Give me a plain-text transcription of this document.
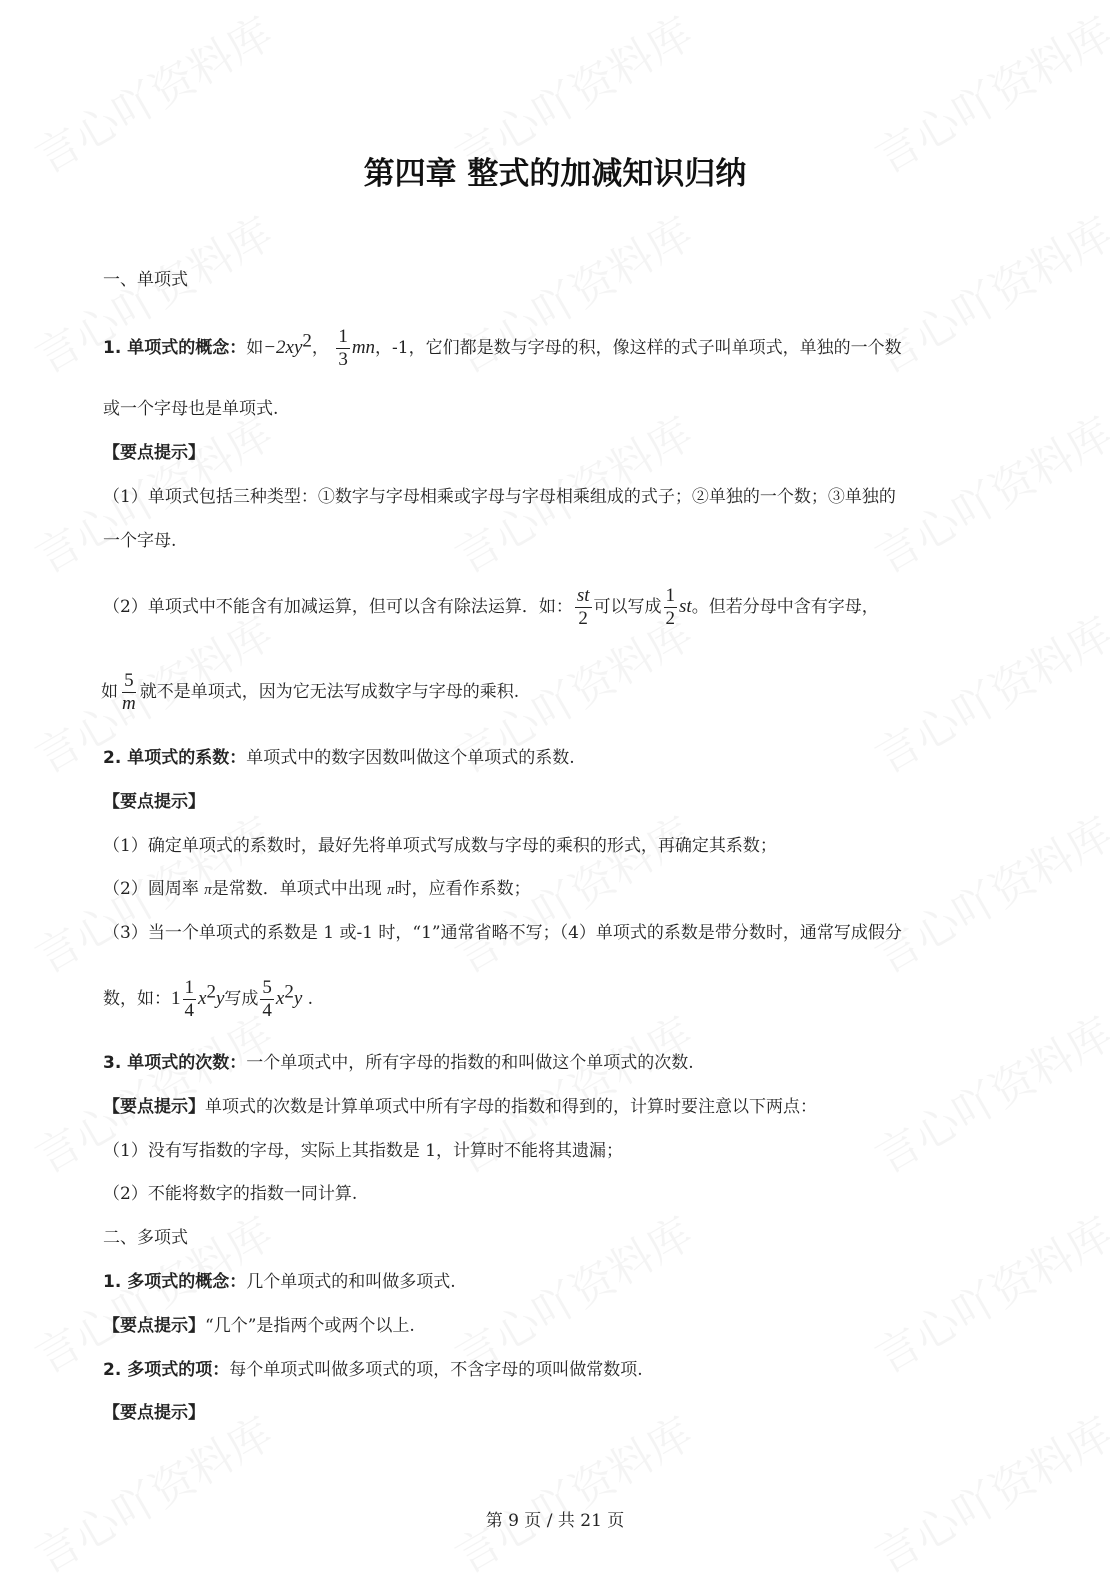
第四章 整式的加减知识归纳
一、单项式
1. 单项式的概念：如$-2xy^2$， $\frac{1}{3}$ mn，-1，它们都是数与字母的积，像这样的式子叫单项式，单独的一个数
或一个字母也是单项式.
【要点提示】
（1）单项式包括三种类型：①数字与字母相乘或字母与字母相乘组成的式子；②单独的一个数；③单独的
一个字母.
（2）单项式中不能含有加减运算，但可以含有除法运算．如： $\frac{st}{2}$ 可以写成 $\frac{1}{2}$ st。但若分母中含有字母，
如 $\frac{5}{m}$ 就不是单项式，因为它无法写成数字与字母的乘积.
2. 单项式的系数：单项式中的数字因数叫做这个单项式的系数.
【要点提示】
（1）确定单项式的系数时，最好先将单项式写成数与字母的乘积的形式，再确定其系数；
（2）圆周率 π是常数．单项式中出现 π时，应看作系数；
（3）当一个单项式的系数是 1 或-1 时，“1”通常省略不写；（4）单项式的系数是带分数时，通常写成假分
数，如：$1 \frac{1}{4} x^2y$写成 $\frac{5}{4} x^2y$ .
3. 单项式的次数：一个单项式中，所有字母的指数的和叫做这个单项式的次数.
【要点提示】单项式的次数是计算单项式中所有字母的指数和得到的，计算时要注意以下两点：
（1）没有写指数的字母，实际上其指数是 1，计算时不能将其遗漏；
（2）不能将数字的指数一同计算.
二、多项式
1. 多项式的概念：几个单项式的和叫做多项式.
【要点提示】“几个”是指两个或两个以上.
2. 多项式的项：每个单项式叫做多项式的项，不含字母的项叫做常数项.
【要点提示】
第 9 页 / 共 21 页
